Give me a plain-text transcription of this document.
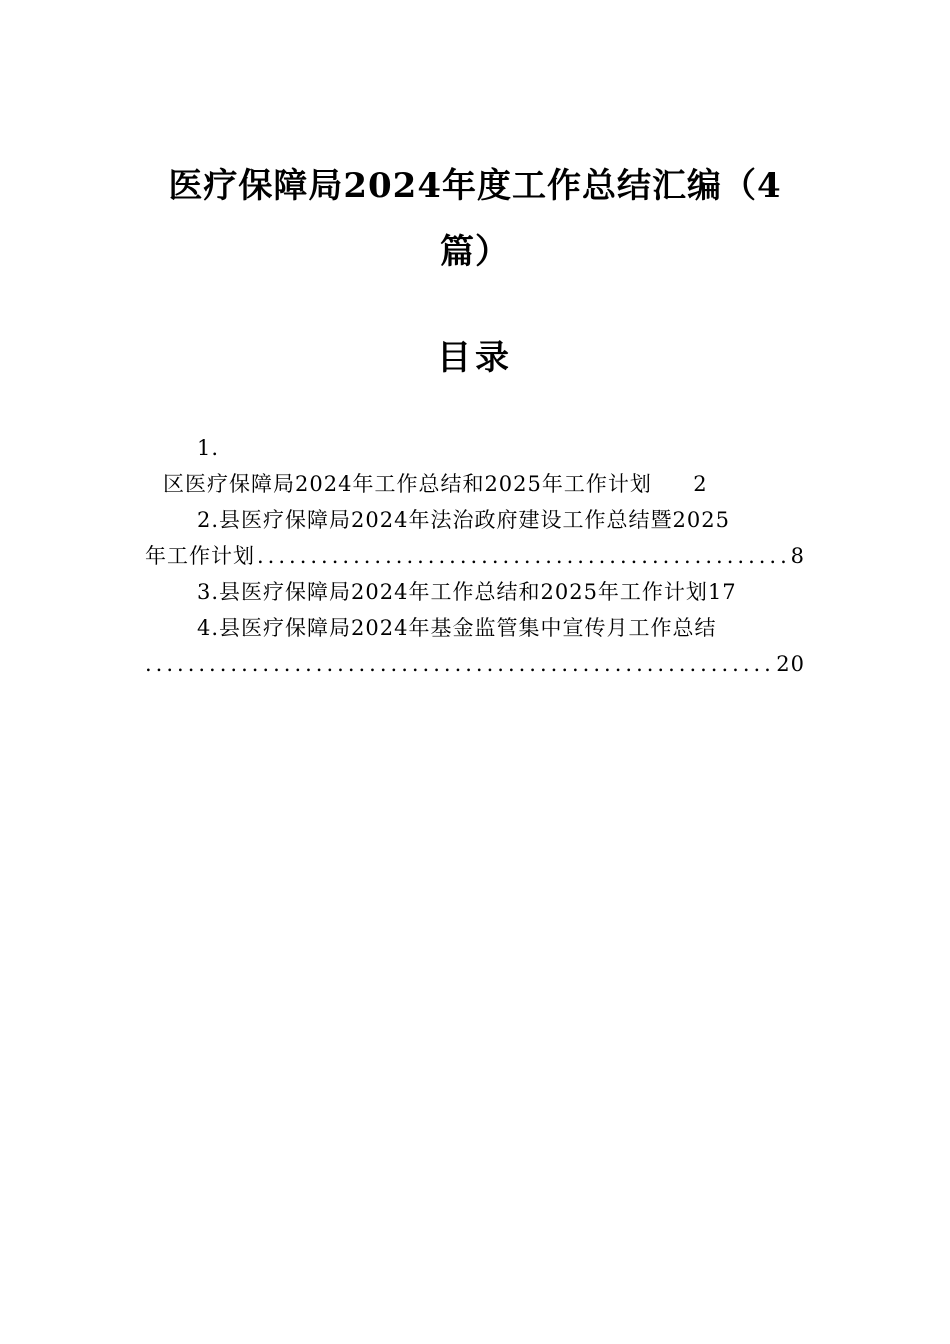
医疗保障局2024年度工作总结汇编（4
篇）
目录
1.
区医疗保障局2024年工作总结和2025年工作计划 2
2.县医疗保障局2024年法治政府建设工作总结暨2025
年工作计划
.....	8
3.县医疗保障局2024年工作总结和2025年工作计划17
4.县医疗保障局2024年基金监管集中宣传月工作总结
.....
20
